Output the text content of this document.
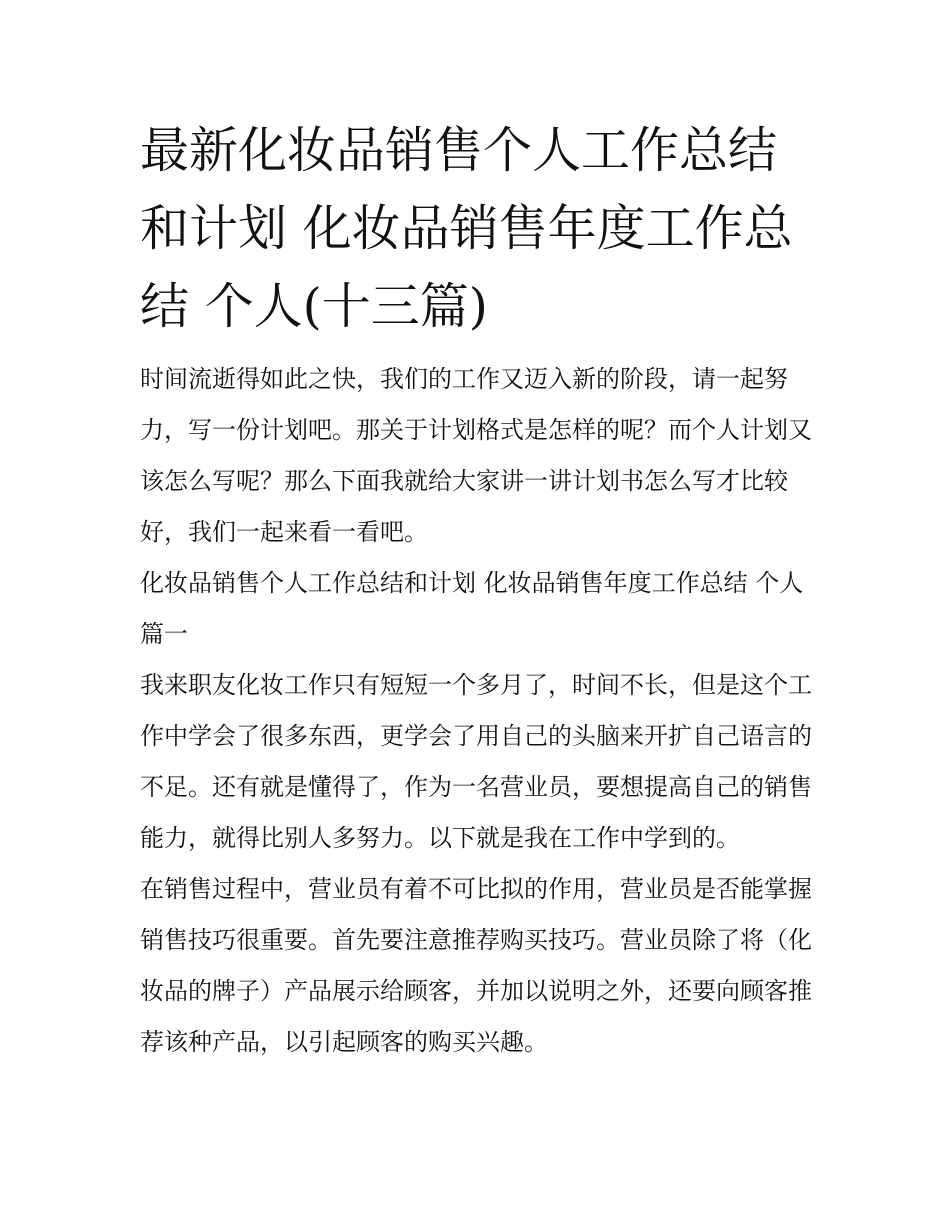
最新化妆品销售个人工作总结和计划 化妆品销售年度工作总结 个人(十三篇)

时间流逝得如此之快，我们的工作又迈入新的阶段，请一起努力，写一份计划吧。那关于计划格式是怎样的呢？而个人计划又该怎么写呢？那么下面我就给大家讲一讲计划书怎么写才比较好，我们一起来看一看吧。

化妆品销售个人工作总结和计划 化妆品销售年度工作总结 个人篇一

我来职友化妆工作只有短短一个多月了，时间不长，但是这个工作中学会了很多东西，更学会了用自己的头脑来开扩自己语言的不足。还有就是懂得了，作为一名营业员，要想提高自己的销售能力，就得比别人多努力。以下就是我在工作中学到的。

在销售过程中，营业员有着不可比拟的作用，营业员是否能掌握销售技巧很重要。首先要注意推荐购买技巧。营业员除了将（化妆品的牌子）产品展示给顾客，并加以说明之外，还要向顾客推荐该种产品，以引起顾客的购买兴趣。
